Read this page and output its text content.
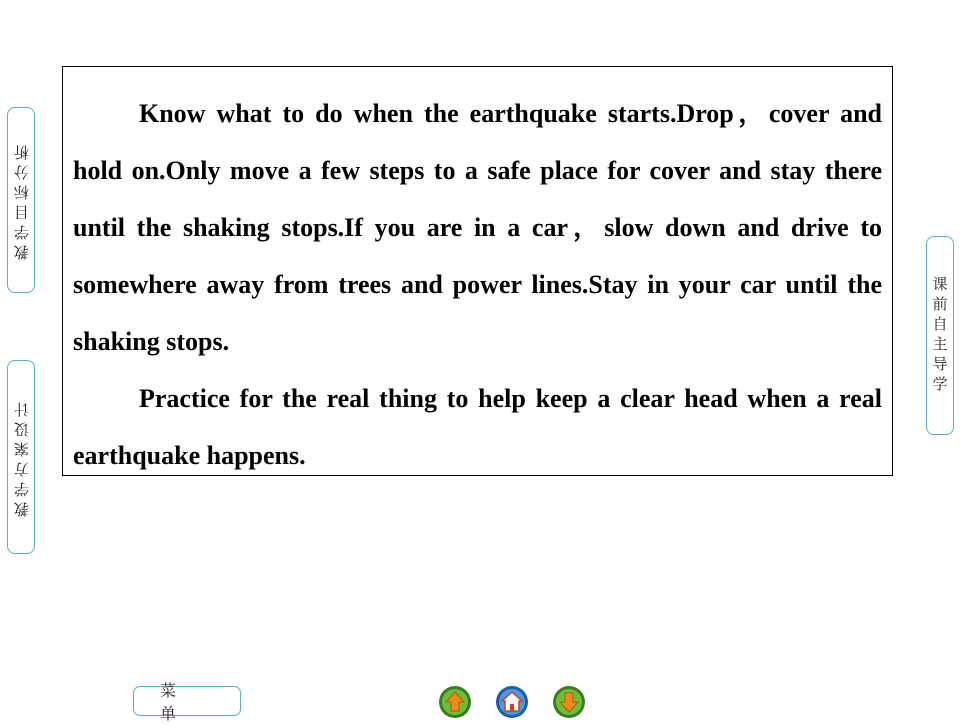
Know what to do when the earthquake starts.Drop，cover and hold on.Only move a few steps to a safe place for cover and stay there until the shaking stops.If you are in a car，slow down and drive to somewhere away from trees and power lines.Stay in your car until the shaking stops.

Practice for the real thing to help keep a clear head when a real earthquake happens.

教学目标分析
教学方案设计
课前自主导学
菜单
